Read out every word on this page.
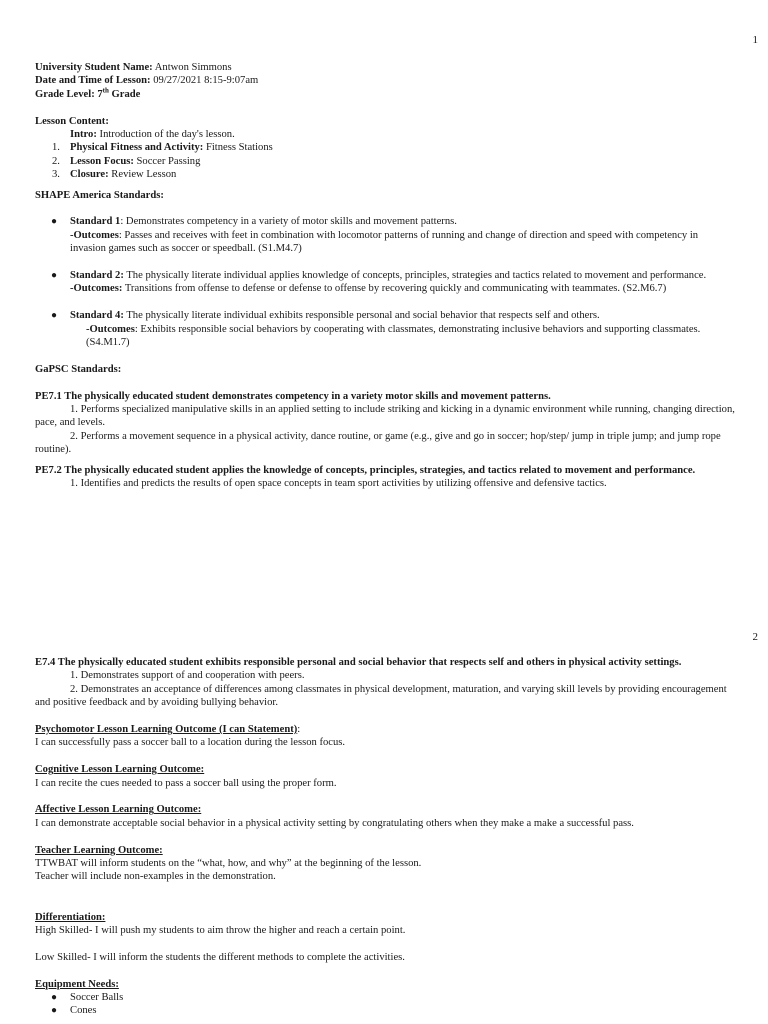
1

University Student Name: Antwon Simmons

Date and Time of Lesson: 09/27/2021 8:15-9:07am

Grade Level: 7th Grade

Lesson Content:

Intro: Introduction of the day's lesson.

1. Physical Fitness and Activity: Fitness Stations
2. Lesson Focus: Soccer Passing
3. Closure: Review Lesson

SHAPE America Standards:

● Standard 1: Demonstrates competency in a variety of motor skills and movement patterns.

-Outcomes: Passes and receives with feet in combination with locomotor patterns of running and change of direction and speed with competency in invasion games such as soccer or speedball. (S1.M4.7)

● Standard 2: The physically literate individual applies knowledge of concepts, principles, strategies and tactics related to movement and performance.

-Outcomes: Transitions from offense to defense or defense to offense by recovering quickly and communicating with teammates. (S2.M6.7)

● Standard 4: The physically literate individual exhibits responsible personal and social behavior that respects self and others.

-Outcomes: Exhibits responsible social behaviors by cooperating with classmates, demonstrating inclusive behaviors and supporting classmates. (S4.M1.7)

GaPSC Standards:

PE7.1 The physically educated student demonstrates competency in a variety motor skills and movement patterns.

1. Performs specialized manipulative skills in an applied setting to include striking and kicking in a dynamic environment while running, changing direction, pace, and levels.

2. Performs a movement sequence in a physical activity, dance routine, or game (e.g., give and go in soccer; hop/step/ jump in triple jump; and jump rope routine).

PE7.2 The physically educated student applies the knowledge of concepts, principles, strategies, and tactics related to movement and performance.

1. Identifies and predicts the results of open space concepts in team sport activities by utilizing offensive and defensive tactics.

2

E7.4 The physically educated student exhibits responsible personal and social behavior that respects self and others in physical activity settings.

1. Demonstrates support of and cooperation with peers.

2. Demonstrates an acceptance of differences among classmates in physical development, maturation, and varying skill levels by providing encouragement and positive feedback and by avoiding bullying behavior.

Psychomotor Lesson Learning Outcome (I can Statement):

I can successfully pass a soccer ball to a location during the lesson focus.

Cognitive Lesson Learning Outcome:

I can recite the cues needed to pass a soccer ball using the proper form.

Affective Lesson Learning Outcome:

I can demonstrate acceptable social behavior in a physical activity setting by congratulating others when they make a make a successful pass.

Teacher Learning Outcome:

TTWBAT will inform students on the “what, how, and why” at the beginning of the lesson.

Teacher will include non-examples in the demonstration.

Differentiation:

High Skilled- I will push my students to aim throw the higher and reach a certain point.

Low Skilled- I will inform the students the different methods to complete the activities.

Equipment Needs:

● Soccer Balls
● Cones
